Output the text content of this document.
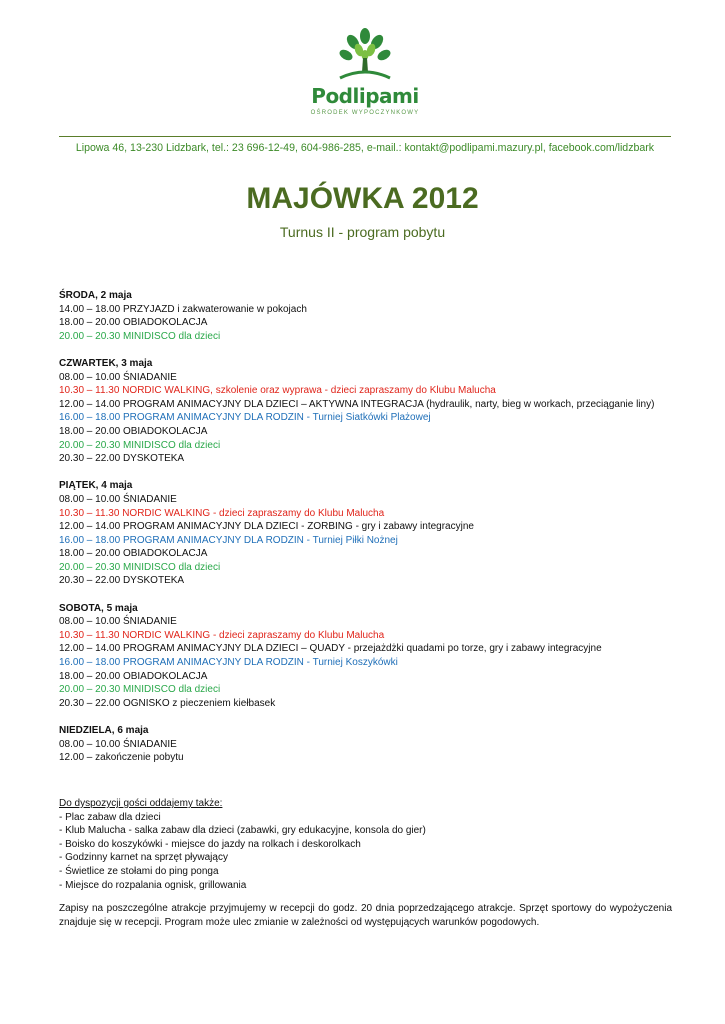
Podlipami
OŚRODEK WYPOCZYNKOWY
Lipowa 46, 13-230 Lidzbark, tel.: 23 696-12-49, 604-986-285, e-mail.: kontakt@podlipami.mazury.pl, facebook.com/lidzbark
MAJÓWKA 2012
Turnus II - program pobytu
ŚRODA, 2 maja
14.00 – 18.00 PRZYJAZD i zakwaterowanie w pokojach
18.00 – 20.00 OBIADOKOLACJA
20.00 – 20.30 MINIDISCO dla dzieci
CZWARTEK, 3 maja
08.00 – 10.00 ŚNIADANIE
10.30 – 11.30 NORDIC WALKING, szkolenie oraz wyprawa - dzieci zapraszamy do Klubu Malucha
12.00 – 14.00 PROGRAM ANIMACYJNY DLA DZIECI – AKTYWNA INTEGRACJA (hydraulik, narty, bieg w workach, przeciąganie liny)
16.00 – 18.00 PROGRAM ANIMACYJNY DLA RODZIN - Turniej Siatkówki Plażowej
18.00 – 20.00 OBIADOKOLACJA
20.00 – 20.30 MINIDISCO dla dzieci
20.30 – 22.00 DYSKOTEKA
PIĄTEK, 4 maja
08.00 – 10.00 ŚNIADANIE
10.30 – 11.30 NORDIC WALKING - dzieci zapraszamy do Klubu Malucha
12.00 – 14.00 PROGRAM ANIMACYJNY DLA DZIECI - ZORBING - gry i zabawy integracyjne
16.00 – 18.00 PROGRAM ANIMACYJNY DLA RODZIN - Turniej Piłki Nożnej
18.00 – 20.00 OBIADOKOLACJA
20.00 – 20.30 MINIDISCO dla dzieci
20.30 – 22.00 DYSKOTEKA
SOBOTA, 5 maja
08.00 – 10.00 ŚNIADANIE
10.30 – 11.30 NORDIC WALKING - dzieci zapraszamy do Klubu Malucha
12.00 – 14.00 PROGRAM ANIMACYJNY DLA DZIECI – QUADY - przejażdżki quadami po torze, gry i zabawy integracyjne
16.00 – 18.00 PROGRAM ANIMACYJNY DLA RODZIN - Turniej Koszykówki
18.00 – 20.00 OBIADOKOLACJA
20.00 – 20.30 MINIDISCO dla dzieci
20.30 – 22.00 OGNISKO z pieczeniem kiełbasek
NIEDZIELA, 6 maja
08.00 – 10.00 ŚNIADANIE
12.00 – zakończenie pobytu
Do dyspozycji gości oddajemy także:
- Plac zabaw dla dzieci
- Klub Malucha - salka zabaw dla dzieci (zabawki, gry edukacyjne, konsola do gier)
- Boisko do koszykówki - miejsce do jazdy na rolkach i deskorolkach
- Godzinny karnet na sprzęt pływający
- Świetlice ze stołami do ping ponga
- Miejsce do rozpalania ognisk, grillowania
Zapisy na poszczególne atrakcje przyjmujemy w recepcji do godz. 20 dnia poprzedzającego atrakcje. Sprzęt sportowy do wypożyczenia znajduje się w recepcji. Program może ulec zmianie w zależności od występujących warunków pogodowych.
